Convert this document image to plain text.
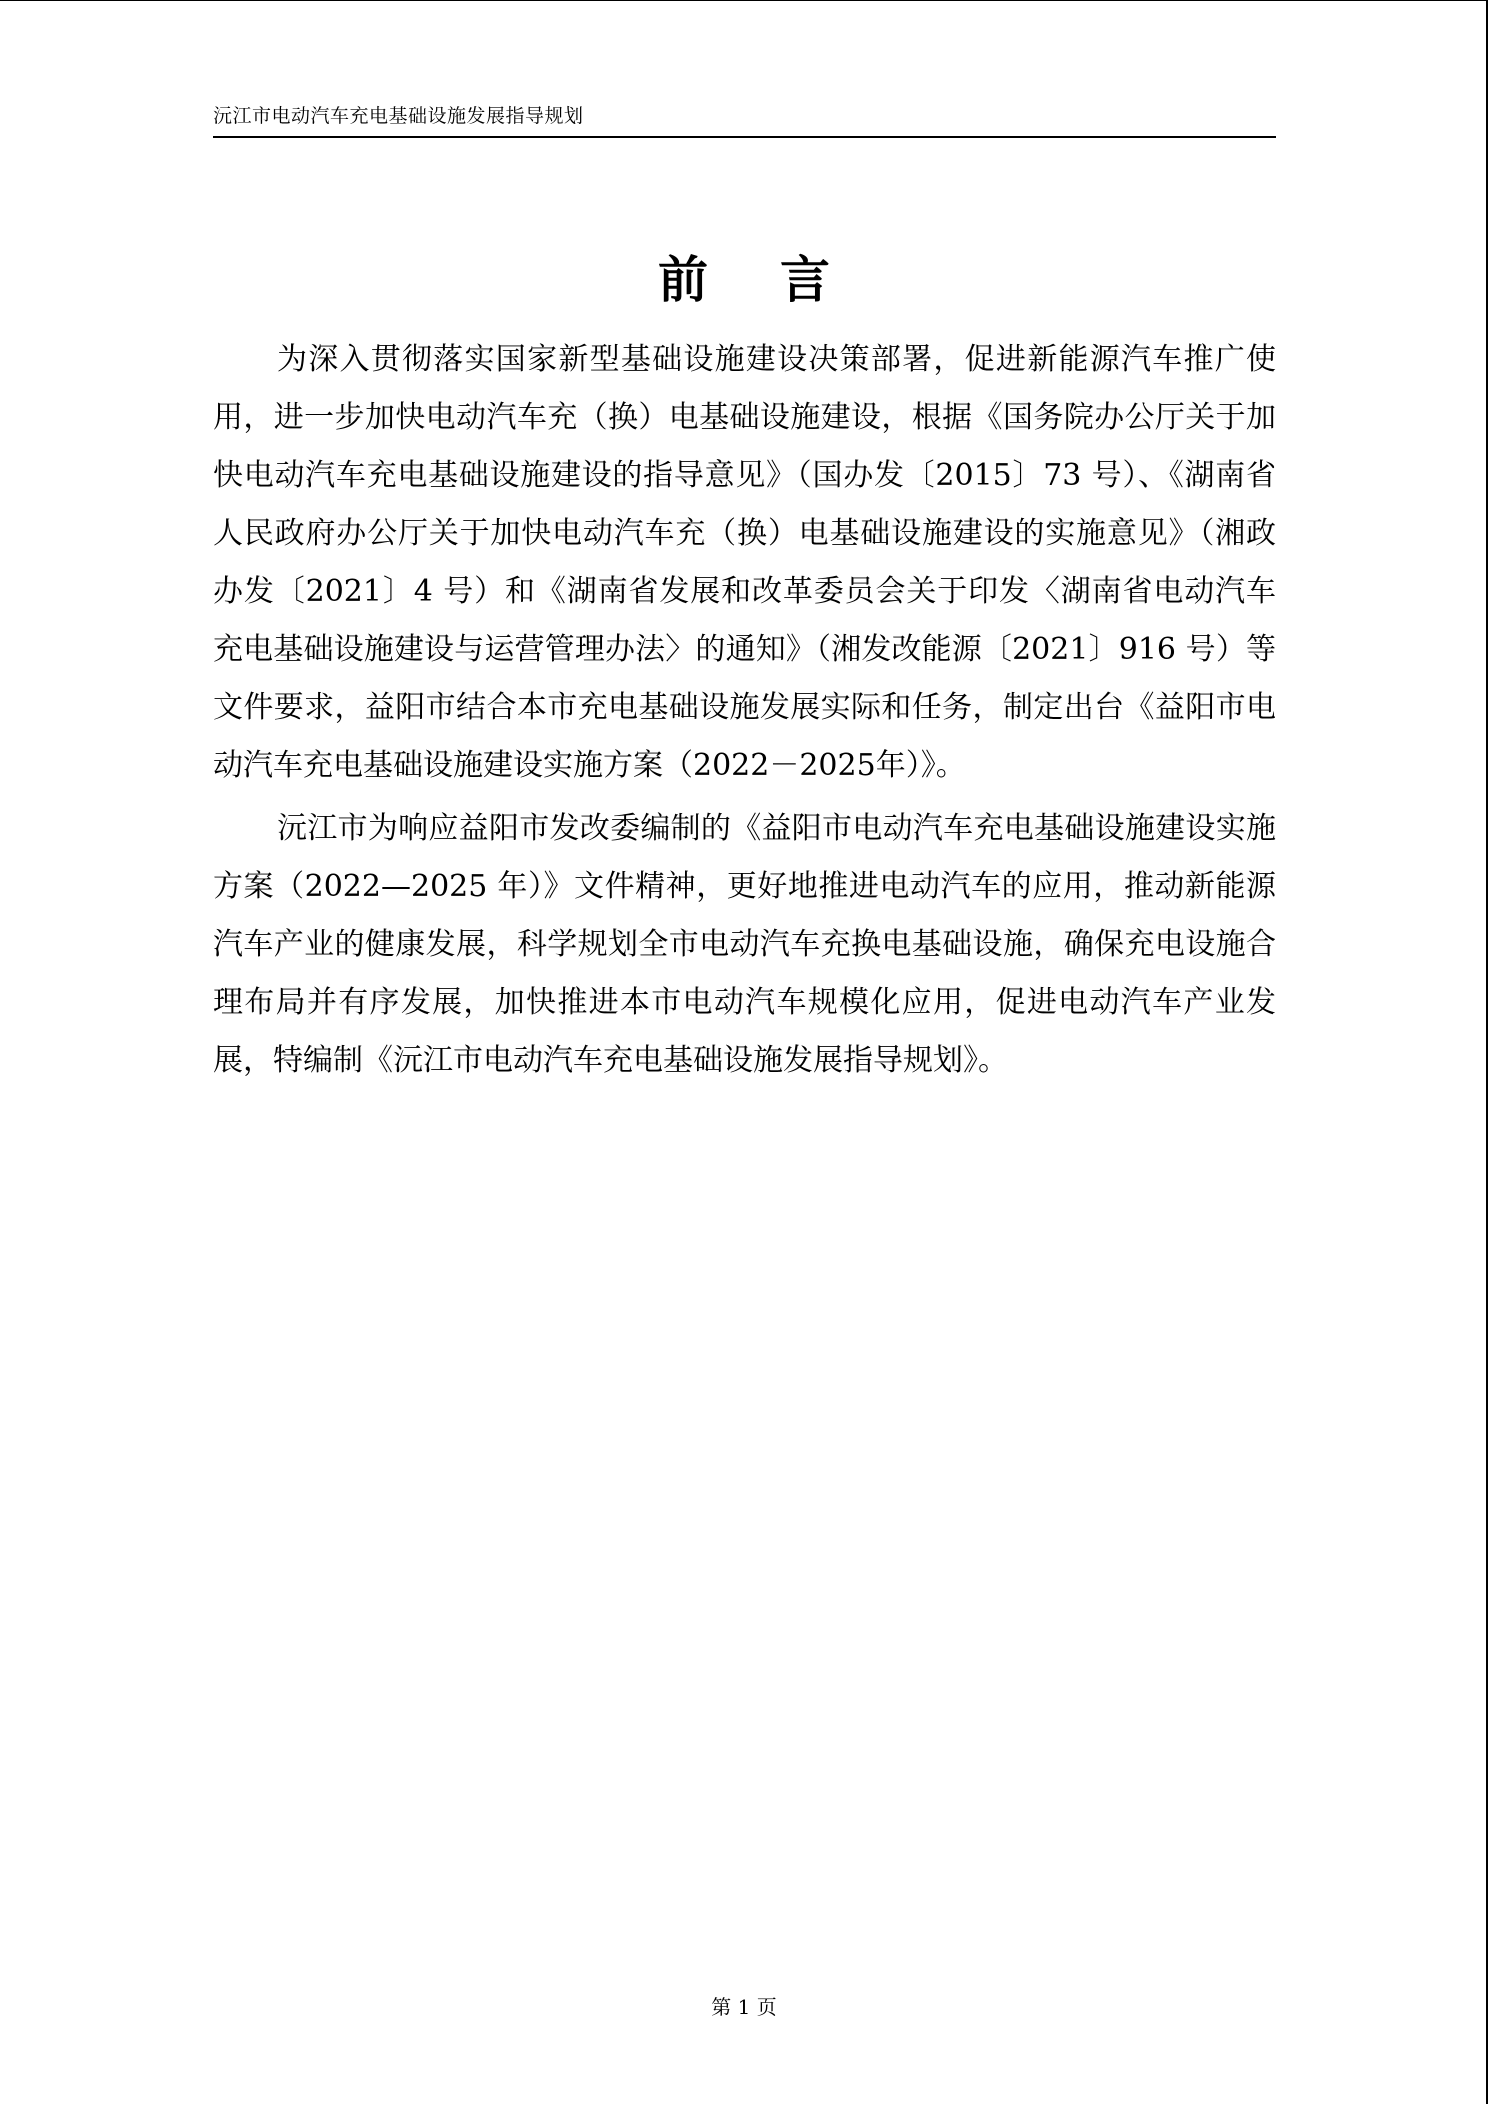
沅江市电动汽车充电基础设施发展指导规划
前言

为深入贯彻落实国家新型基础设施建设决策部署，促进新能源汽车推广使用，进一步加快电动汽车充（换）电基础设施建设，根据《国务院办公厅关于加快电动汽车充电基础设施建设的指导意见》（国办发〔2015〕73 号）、《湖南省人民政府办公厅关于加快电动汽车充（换）电基础设施建设的实施意见》（湘政办发〔2021〕4 号）和《湖南省发展和改革委员会关于印发〈湖南省电动汽车充电基础设施建设与运营管理办法〉的通知》（湘发改能源〔2021〕916 号）等文件要求，益阳市结合本市充电基础设施发展实际和任务，制定出台《益阳市电动汽车充电基础设施建设实施方案（2022－2025年）》。

沅江市为响应益阳市发改委编制的《益阳市电动汽车充电基础设施建设实施方案（2022—2025 年）》文件精神，更好地推进电动汽车的应用，推动新能源汽车产业的健康发展，科学规划全市电动汽车充换电基础设施，确保充电设施合理布局并有序发展，加快推进本市电动汽车规模化应用，促进电动汽车产业发展，特编制《沅江市电动汽车充电基础设施发展指导规划》。

第 1 页
